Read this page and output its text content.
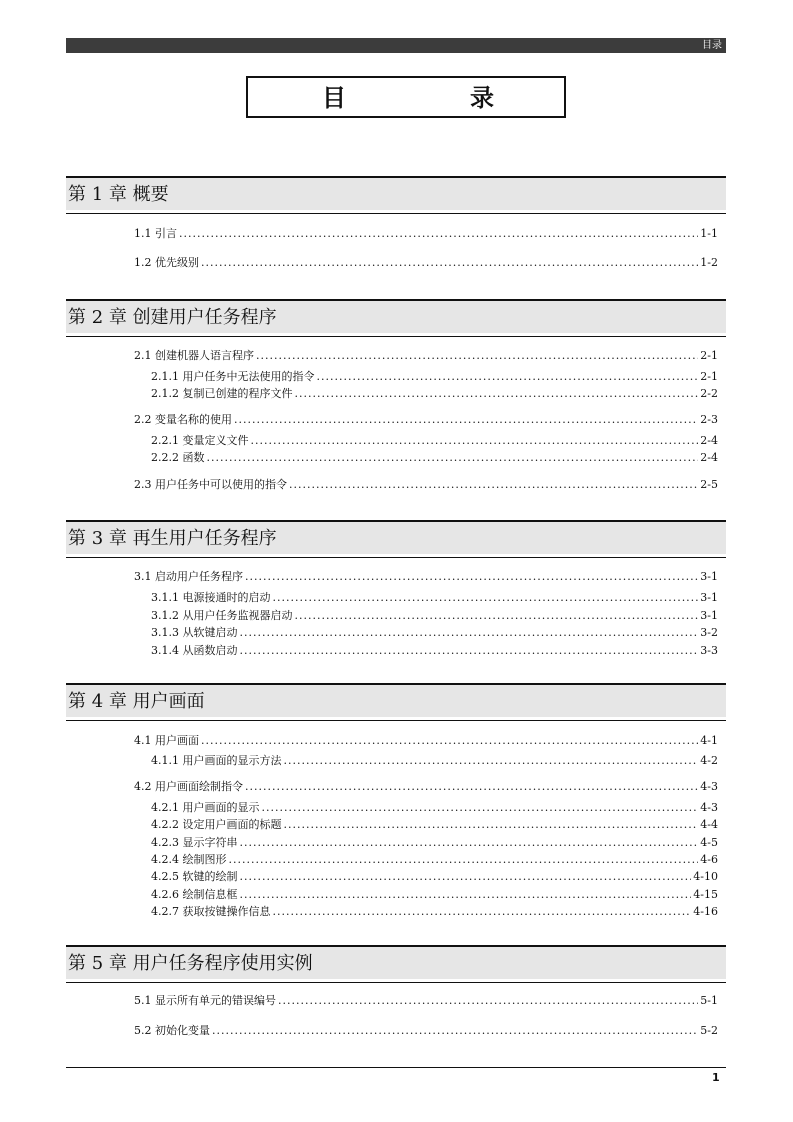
目录
目	录
第 1 章 概要
1.1 引言 .....	1-1
1.2 优先级别 .....	1-2
第 2 章 创建用户任务程序
2.1 创建机器人语言程序 .....	2-1
2.1.1 用户任务中无法使用的指令 .....	2-1
2.1.2 复制已创建的程序文件 .....	2-2
2.2 变量名称的使用 .....	2-3
2.2.1 变量定义文件 .....	2-4
2.2.2 函数 .....	2-4
2.3 用户任务中可以使用的指令 .....	2-5
第 3 章 再生用户任务程序
3.1 启动用户任务程序 .....	3-1
3.1.1 电源接通时的启动 .....	3-1
3.1.2 从用户任务监视器启动 .....	3-1
3.1.3 从软键启动 .....	3-2
3.1.4 从函数启动 .....	3-3
第 4 章 用户画面
4.1 用户画面 .....	4-1
4.1.1 用户画面的显示方法 .....	4-2
4.2 用户画面绘制指令 .....	4-3
4.2.1 用户画面的显示 .....	4-3
4.2.2 设定用户画面的标题 .....	4-4
4.2.3 显示字符串 .....	4-5
4.2.4 绘制图形 .....	4-6
4.2.5 软键的绘制 .....	4-10
4.2.6 绘制信息框 .....	4-15
4.2.7 获取按键操作信息 .....	4-16
第 5 章 用户任务程序使用实例
5.1 显示所有单元的错误编号 .....	5-1
5.2 初始化变量 .....	5-2
1
